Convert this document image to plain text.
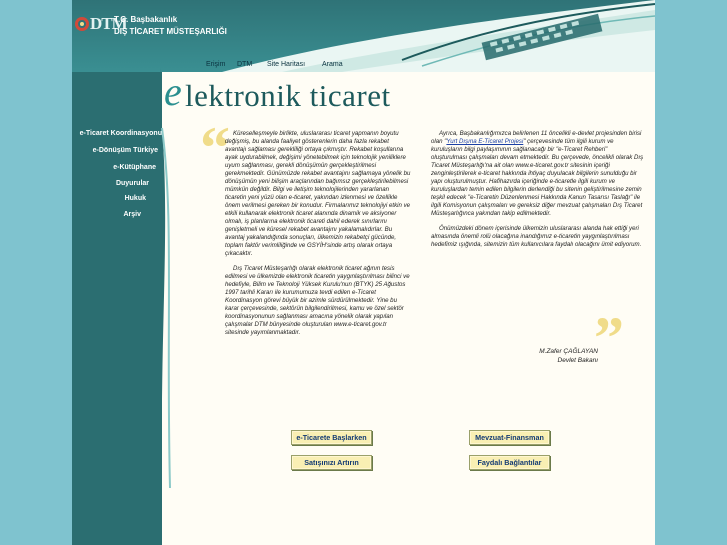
DTM
T.C. Başbakanlık
DIŞ TİCARET MÜSTEŞARLIĞI
Erişim DTM Site Haritası Arama
e lektronik ticaret
e-Ticaret Koordinasyonu
e-Dönüşüm Türkiye
e-Kütüphane
Duyurular
Hukuk
Arşiv
“
”

Küreselleşmeyle birlikte, uluslararası ticaret yapmanın boyutu değişmiş, bu alanda faaliyet gösterenlerin daha fazla rekabet avantajı sağlaması gerekliliği ortaya çıkmıştır. Rekabet koşullarına ayak uydurabilmek, değişimi yönetebilmek için teknolojik yeniliklere uyum sağlanması, gerekli dönüşümün gerçekleştirilmesi gerekmektedir. Günümüzde rekabet avantajını sağlamaya yönelik bu dönüşümün yeni bilişim araçlarından bağımsız gerçekleştirilebilmesi mümkün değildir. Bilgi ve iletişim teknolojilerinden yararlanan ticaretin yeni yüzü olan e-ticaret, yakından izlenmesi ve özellikle önem verilmesi gereken bir konudur. Firmalarımız teknolojiyi etkin ve etkili kullanarak elektronik ticaret alanında dinamik ve aksiyoner olmalı, iş planlarına elektronik ticareti dahil ederek sınırlarını genişletmeli ve küresel rekabet avantajını yakalamalıdırlar. Bu avantaj yakalandığında sonuçları, ülkemizin rekabetçi gücünde, toplam faktör verimliliğinde ve GSYİH'sinde artış olarak ortaya çıkacaktır.

Dış Ticaret Müsteşarlığı olarak elektronik ticaret ağının tesis edilmesi ve ülkemizde elektronik ticaretin yaygınlaştırılması bilinci ve hedefiyle, Bilim ve Teknoloji Yüksek Kurulu'nun (BTYK) 25 Ağustos 1997 tarihli Kararı ile kurumumuza tevdi edilen e-Ticaret Koordinasyon görevi büyük bir azimle sürdürülmektedir. Yine bu karar çerçevesinde, sektörün bilgilendirilmesi, kamu ve özel sektör koordinasyonunun sağlanması amacına yönelik olarak yapılan çalışmalar DTM bünyesinde oluşturulan www.e-ticaret.gov.tr sitesinde yayımlanmaktadır.

Ayrıca, Başbakanlığımızca belirlenen 11 öncelikli e-devlet projesinden birisi olan "Yurt Dışına E-Ticaret Projesi" çerçevesinde tüm ilgili kurum ve kuruluşların bilgi paylaşımının sağlanacağı bir "e-Ticaret Rehberi" oluşturulması çalışmaları devam etmektedir. Bu çerçevede, öncelikli olarak Dış Ticaret Müsteşarlığı'na ait olan www.e-ticaret.gov.tr sitesinin içeriği zenginleştirilerek e-ticaret hakkında ihtiyaç duyulacak bilgilerin sunulduğu bir yapı oluşturulmuştur. Hafihazırda içeriğinde e-ticaretle ilgili kurum ve kuruluşlardan temin edilen bilgilerin derlendiği bu sitenin geliştirilmesine zemin teşkil edecek "e-Ticaretin Düzenlenmesi Hakkında Kanun Tasarısı Taslağı" ile ilgili Komisyonun çalışmaları ve gereksiz diğer mevzuat çalışmaları Dış Ticaret Müsteşarlığınca yakından takip edilmektedir.

Önümüzdeki dönem içerisinde ülkemizin uluslararası alanda hak ettiği yeri almasında önemli rolü olacağına inandığımız e-ticaretin yaygınlaştırılması hedefimiz ışığında, sitemizin tüm kullanıcılara faydalı olacağını ümit ediyorum.

M.Zafer ÇAĞLAYAN
Devlet Bakanı
e-Ticarete Başlarken	Mevzuat-Finansman
Satışınızı Artırın	Faydalı Bağlantılar
